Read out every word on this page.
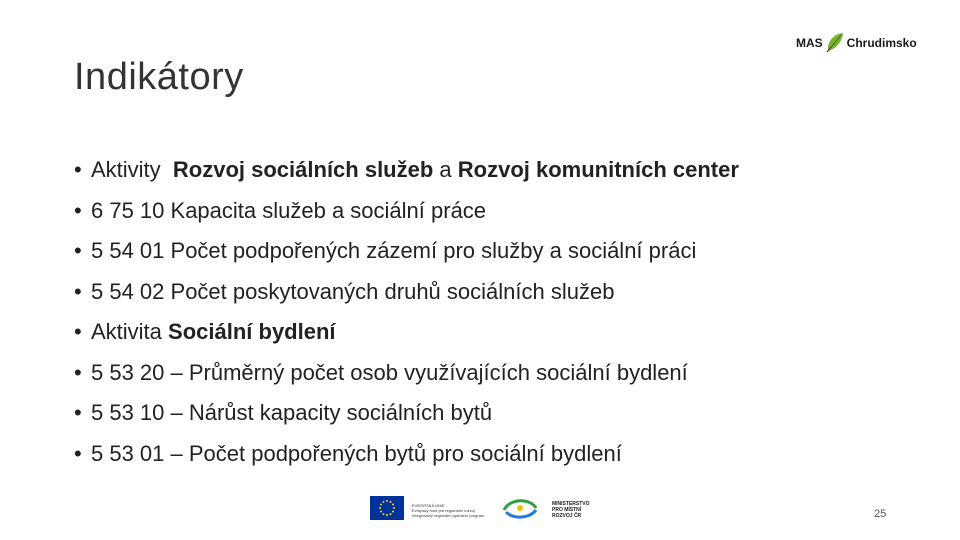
Indikátory
MAS Chrudimsko
• Aktivity  Rozvoj sociálních služeb a Rozvoj komunitních center
• 6 75 10 Kapacita služeb a sociální práce
• 5 54 01 Počet podpořených zázemí pro služby a sociální práci
• 5 54 02 Počet poskytovaných druhů sociálních služeb
• Aktivita Sociální bydlení
• 5 53 20 – Průměrný počet osob využívajících sociální bydlení
• 5 53 10 – Nárůst kapacity sociálních bytů
• 5 53 01 – Počet podpořených bytů pro sociální bydlení
EVROPSKÁ UNIE
Evropský fond pro regionální rozvoj
Integrovaný regionální operační program
MINISTERSTVO
PRO MÍSTNÍ
ROZVOJ ČR	25
